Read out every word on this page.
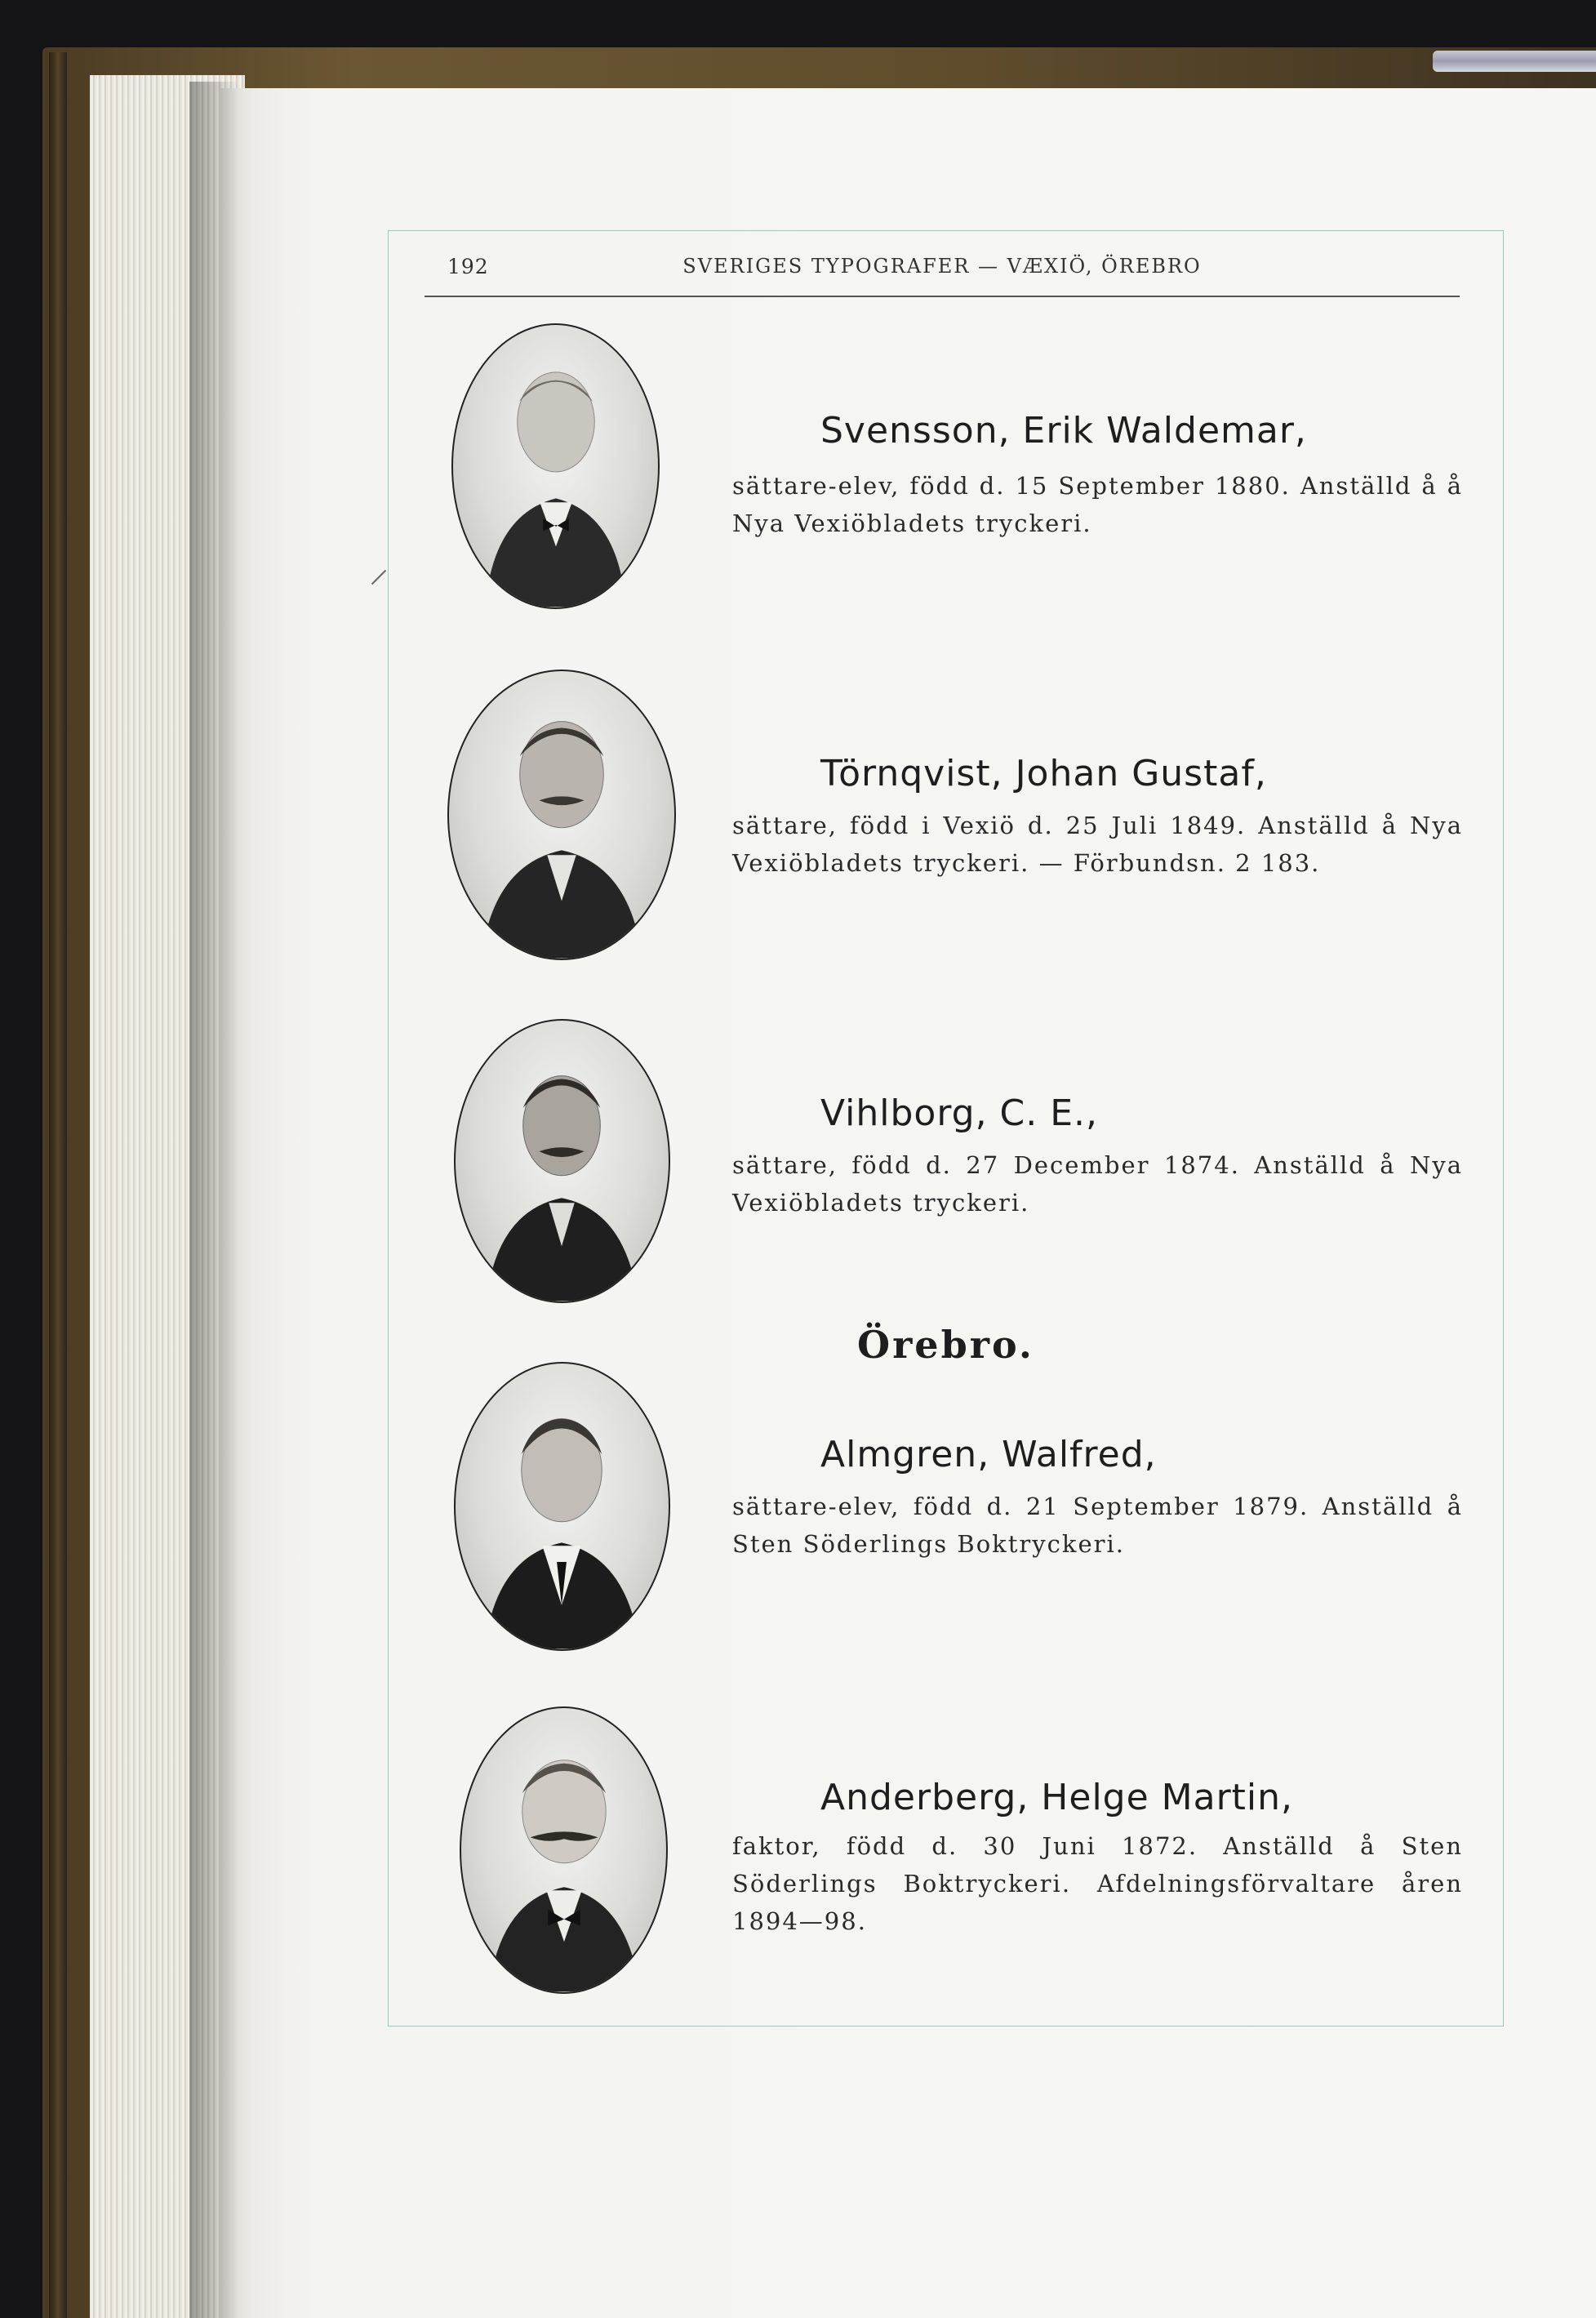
192	SVERIGES TYPOGRAFER — VÆXIÖ, ÖREBRO
Svensson, Erik Waldemar,
sättare-elev, född d. 15 September 1880. Anställd å å Nya Vexiöbladets tryckeri.
Törnqvist, Johan Gustaf,
sättare, född i Vexiö d. 25 Juli 1849. Anställd å Nya Vexiöbladets tryckeri. — Förbundsn. 2 183.
Vihlborg, C. E.,
sättare, född d. 27 December 1874. Anställd å Nya Vexiöbladets tryckeri.
Örebro.
Almgren, Walfred,
sättare-elev, född d. 21 September 1879. Anställd å Sten Söderlings Boktryckeri.
Anderberg, Helge Martin,
faktor, född d. 30 Juni 1872. Anställd å Sten Söderlings Boktryckeri. Afdelningsförvaltare åren 1894—98.
